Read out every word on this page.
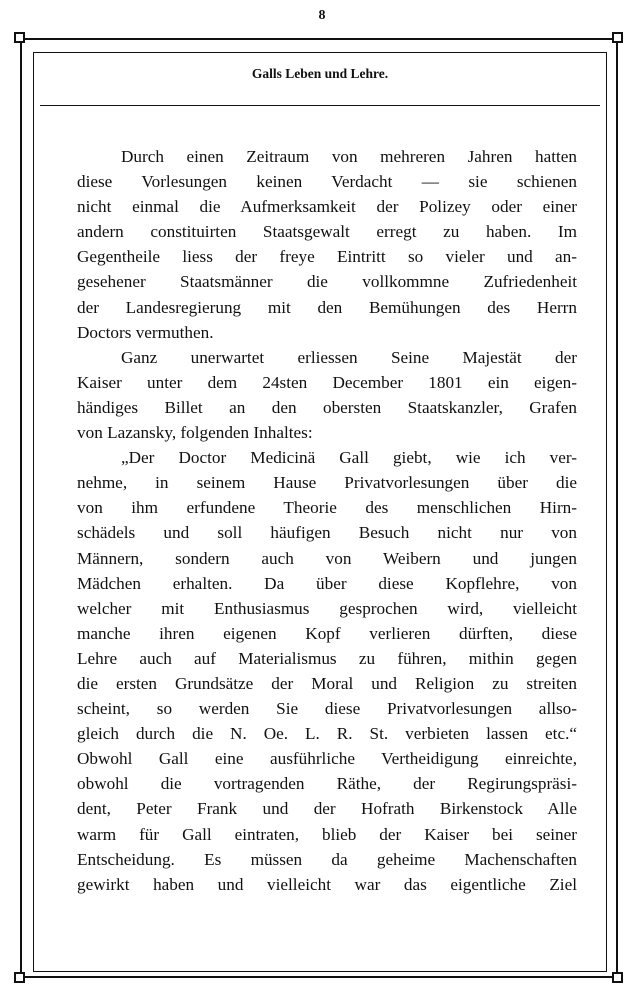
8
Galls Leben und Lehre.
Durch einen Zeitraum von mehreren Jahren hatten
diese Vorlesungen keinen Verdacht — sie schienen
nicht einmal die Aufmerksamkeit der Polizey oder einer
andern constituirten Staatsgewalt erregt zu haben. Im
Gegentheile liess der freye Eintritt so vieler und an-
gesehener Staatsmänner die vollkommne Zufriedenheit
der Landesregierung mit den Bemühungen des Herrn
Doctors vermuthen.
Ganz unerwartet erliessen Seine Majestät der
Kaiser unter dem 24sten December 1801 ein eigen-
händiges Billet an den obersten Staatskanzler, Grafen
von Lazansky, folgenden Inhaltes:
„Der Doctor Medicinä Gall giebt, wie ich ver-
nehme, in seinem Hause Privatvorlesungen über die
von ihm erfundene Theorie des menschlichen Hirn-
schädels und soll häufigen Besuch nicht nur von
Männern, sondern auch von Weibern und jungen
Mädchen erhalten. Da über diese Kopflehre, von
welcher mit Enthusiasmus gesprochen wird, vielleicht
manche ihren eigenen Kopf verlieren dürften, diese
Lehre auch auf Materialismus zu führen, mithin gegen
die ersten Grundsätze der Moral und Religion zu streiten
scheint, so werden Sie diese Privatvorlesungen allso-
gleich durch die N. Oe. L. R. St. verbieten lassen etc.“
Obwohl Gall eine ausführliche Vertheidigung einreichte,
obwohl die vortragenden Räthe, der Regirungspräsi-
dent, Peter Frank und der Hofrath Birkenstock Alle
warm für Gall eintraten, blieb der Kaiser bei seiner
Entscheidung. Es müssen da geheime Machenschaften
gewirkt haben und vielleicht war das eigentliche Ziel
